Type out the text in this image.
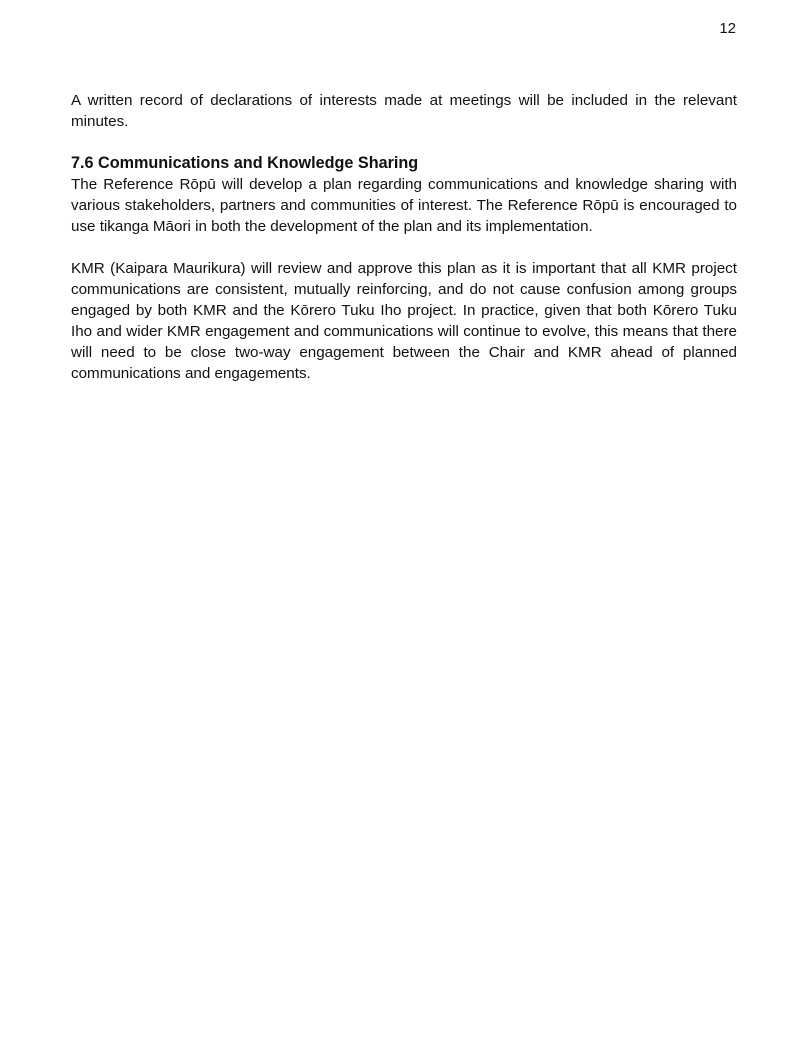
12

A written record of declarations of interests made at meetings will be included in the relevant minutes.

7.6 Communications and Knowledge Sharing

The Reference Rōpū will develop a plan regarding communications and knowledge sharing with various stakeholders, partners and communities of interest. The Reference Rōpū is encouraged to use tikanga Māori in both the development of the plan and its implementation.

KMR (Kaipara Maurikura) will review and approve this plan as it is important that all KMR project communications are consistent, mutually reinforcing, and do not cause confusion among groups engaged by both KMR and the Kōrero Tuku Iho project. In practice, given that both Kōrero Tuku Iho and wider KMR engagement and communications will continue to evolve, this means that there will need to be close two-way engagement between the Chair and KMR ahead of planned communications and engagements.
